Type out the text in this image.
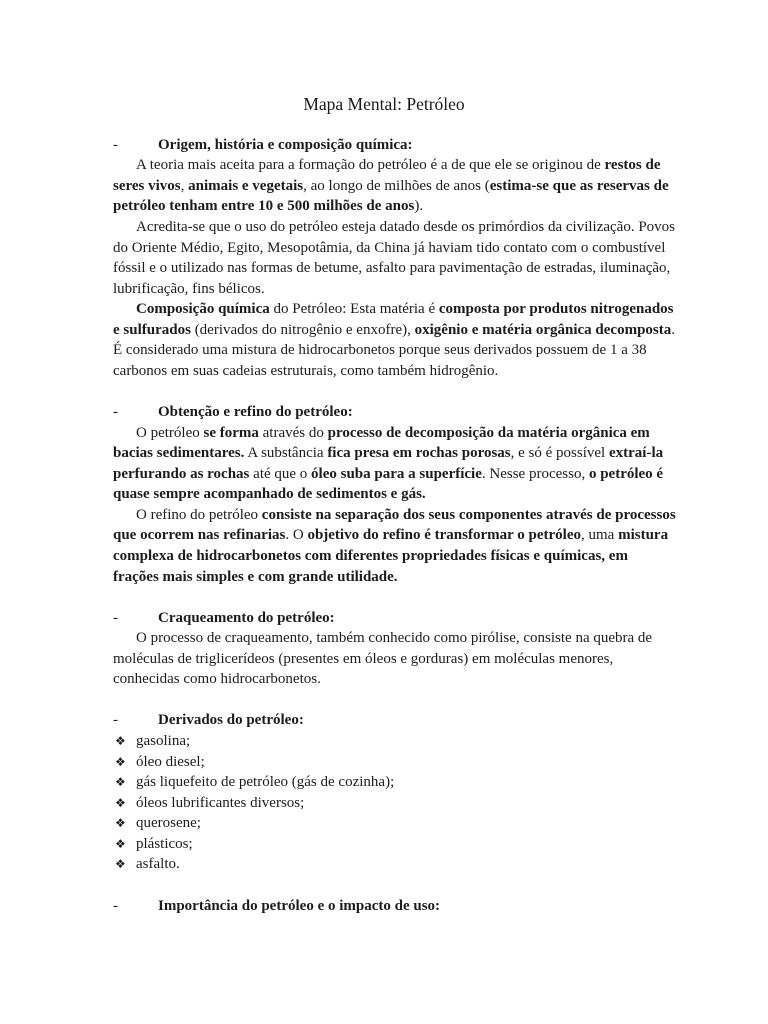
Mapa Mental: Petróleo
-	Origem, história e composição química:
A teoria mais aceita para a formação do petróleo é a de que ele se originou de restos de
seres vivos, animais e vegetais, ao longo de milhões de anos (estima-se que as reservas de
petróleo tenham entre 10 e 500 milhões de anos).
Acredita-se que o uso do petróleo esteja datado desde os primórdios da civilização. Povos
do Oriente Médio, Egito, Mesopotâmia, da China já haviam tido contato com o combustível
fóssil e o utilizado nas formas de betume, asfalto para pavimentação de estradas, iluminação,
lubrificação, fins bélicos.
Composição química do Petróleo: Esta matéria é composta por produtos nitrogenados
e sulfurados (derivados do nitrogênio e enxofre), oxigênio e matéria orgânica decomposta.
É considerado uma mistura de hidrocarbonetos porque seus derivados possuem de 1 a 38
carbonos em suas cadeias estruturais, como também hidrogênio.
-	Obtenção e refino do petróleo:
O petróleo se forma através do processo de decomposição da matéria orgânica em
bacias sedimentares. A substância fica presa em rochas porosas, e só é possível extraí-la
perfurando as rochas até que o óleo suba para a superfície. Nesse processo, o petróleo é
quase sempre acompanhado de sedimentos e gás.
O refino do petróleo consiste na separação dos seus componentes através de processos
que ocorrem nas refinarias. O objetivo do refino é transformar o petróleo, uma mistura
complexa de hidrocarbonetos com diferentes propriedades físicas e químicas, em
frações mais simples e com grande utilidade.
-	Craqueamento do petróleo:
O processo de craqueamento, também conhecido como pirólise, consiste na quebra de
moléculas de triglicerídeos (presentes em óleos e gorduras) em moléculas menores,
conhecidas como hidrocarbonetos.
-	Derivados do petróleo:
❖ gasolina;
❖ óleo diesel;
❖ gás liquefeito de petróleo (gás de cozinha);
❖ óleos lubrificantes diversos;
❖ querosene;
❖ plásticos;
❖ asfalto.
-	Importância do petróleo e o impacto de uso:
